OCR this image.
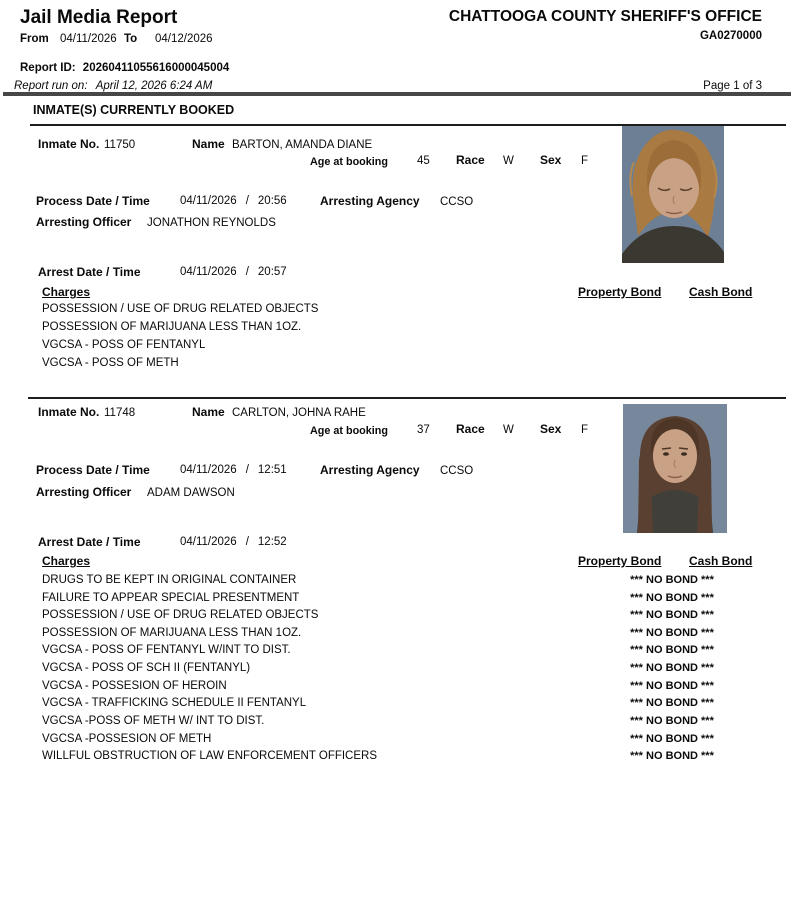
Jail Media Report
From 04/11/2026 To 04/12/2026
CHATTOOGA COUNTY SHERIFF'S OFFICE
GA0270000
Report ID: 20260411055616000045004
Report run on: April 12, 2026 6:24 AM	Page 1 of 3
INMATE(S) CURRENTLY BOOKED
Inmate No. 11750	Name BARTON, AMANDA DIANE
Age at booking	45 Race W Sex F
Process Date / Time	04/11/2026 / 20:56	Arresting Agency CCSO
Arresting Officer JONATHON REYNOLDS
Arrest Date / Time	04/11/2026 / 20:57
Charges	Property Bond Cash Bond
POSSESSION / USE OF DRUG RELATED OBJECTS
POSSESSION OF MARIJUANA LESS THAN 1OZ.
VGCSA - POSS OF FENTANYL
VGCSA - POSS OF METH
Inmate No. 11748	Name CARLTON, JOHNA RAHE
Age at booking	37 Race W Sex F
Process Date / Time	04/11/2026 / 12:51	Arresting Agency CCSO
Arresting Officer ADAM DAWSON
Arrest Date / Time	04/11/2026 / 12:52
Charges	Property Bond Cash Bond
DRUGS TO BE KEPT IN ORIGINAL CONTAINER	*** NO BOND ***
FAILURE TO APPEAR SPECIAL PRESENTMENT	*** NO BOND ***
POSSESSION / USE OF DRUG RELATED OBJECTS	*** NO BOND ***
POSSESSION OF MARIJUANA LESS THAN 1OZ.	*** NO BOND ***
VGCSA - POSS OF FENTANYL W/INT TO DIST.	*** NO BOND ***
VGCSA - POSS OF SCH II (FENTANYL)	*** NO BOND ***
VGCSA - POSSESION OF HEROIN	*** NO BOND ***
VGCSA - TRAFFICKING SCHEDULE II FENTANYL	*** NO BOND ***
VGCSA -POSS OF METH W/ INT TO DIST.	*** NO BOND ***
VGCSA -POSSESION OF METH	*** NO BOND ***
WILLFUL OBSTRUCTION OF LAW ENFORCEMENT OFFICERS	*** NO BOND ***
